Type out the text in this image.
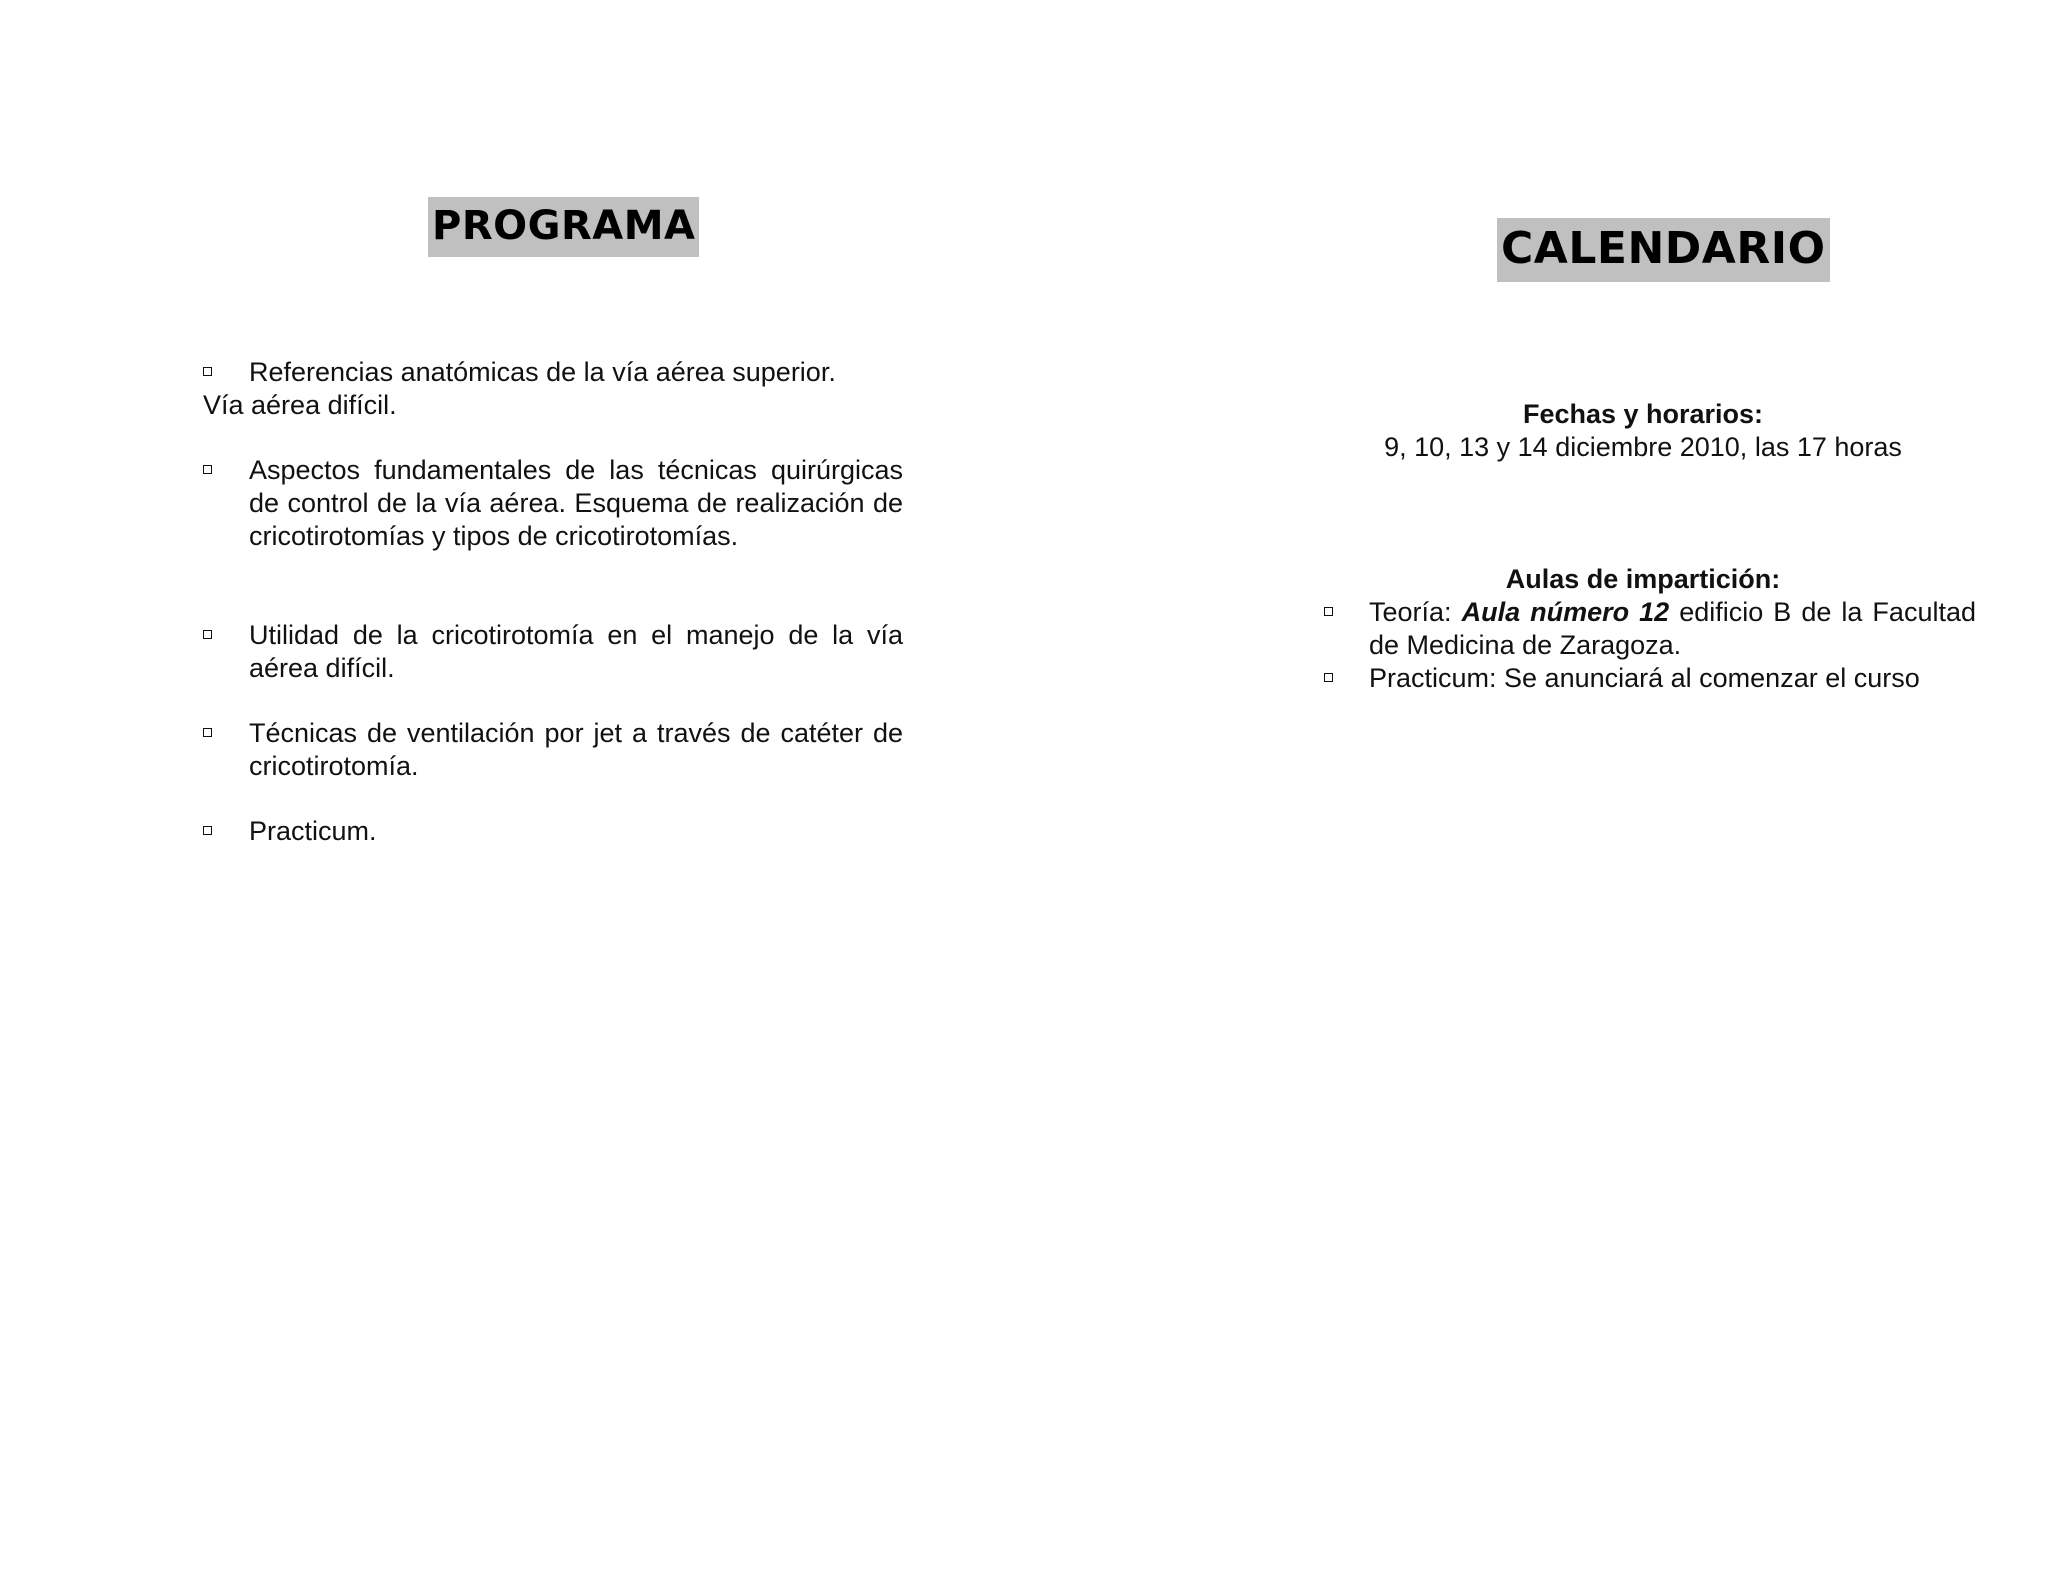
PROGRAMA
Referencias anatómicas de la vía aérea superior.
Vía aérea difícil.
Aspectos fundamentales de las técnicas quirúrgicas de control de la vía aérea. Esquema de realización de cricotirotomías y tipos de cricotirotomías.
Utilidad de la cricotirotomía en el manejo de la vía aérea difícil.
Técnicas de ventilación por jet a través de catéter de cricotirotomía.
Practicum.
CALENDARIO
Fechas y horarios:
9, 10, 13 y 14 diciembre 2010, las 17 horas
Aulas de impartición:
Teoría: Aula número 12 edificio B de la Facultad de Medicina de Zaragoza.
Practicum: Se anunciará al comenzar el curso
